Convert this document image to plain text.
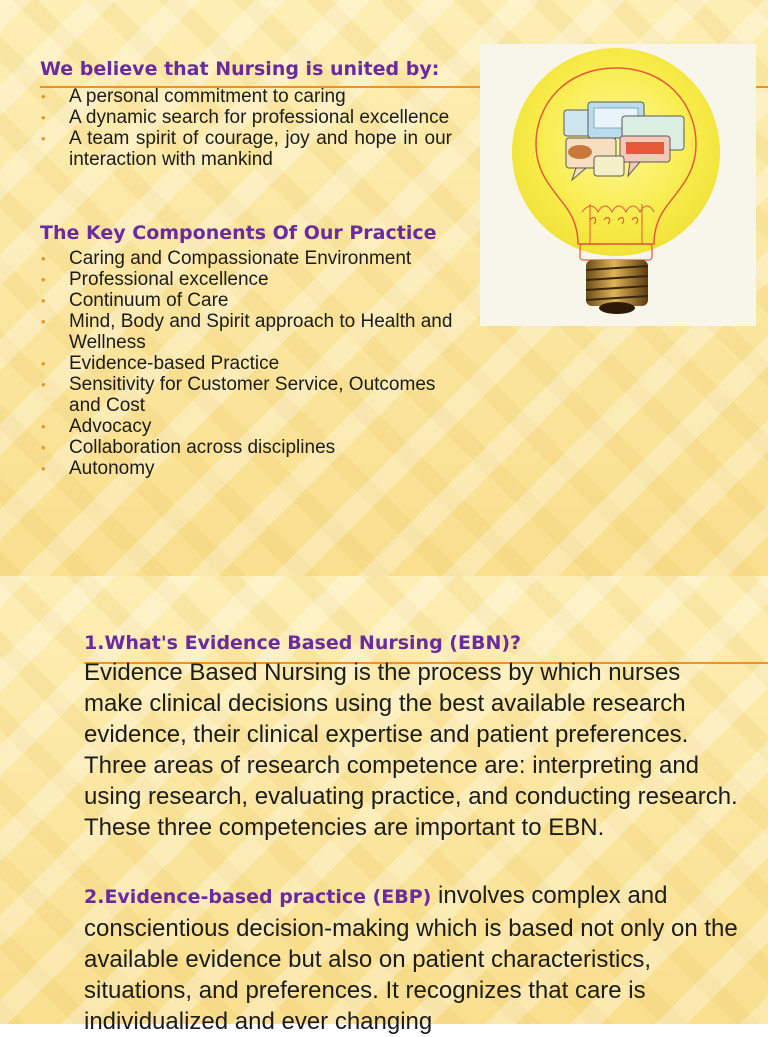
We believe that Nursing is united by:
• A personal commitment to caring
• A dynamic search for professional excellence
• A team spirit of courage, joy and hope in our interaction with mankind
The Key Components Of Our Practice
• Caring and Compassionate Environment
• Professional excellence
• Continuum of Care
• Mind, Body and Spirit approach to Health and Wellness
• Evidence-based Practice
• Sensitivity for Customer Service, Outcomes and Cost
• Advocacy
• Collaboration across disciplines
• Autonomy
1.What's Evidence Based Nursing (EBN)?

Evidence Based Nursing is the process by which nurses make clinical decisions using the best available research evidence, their clinical expertise and patient preferences. Three areas of research competence are: interpreting and using research, evaluating practice, and conducting research. These three competencies are important to EBN.

2.Evidence-based practice (EBP) involves complex and conscientious decision-making which is based not only on the available evidence but also on patient characteristics, situations, and preferences. It recognizes that care is individualized and ever changing
